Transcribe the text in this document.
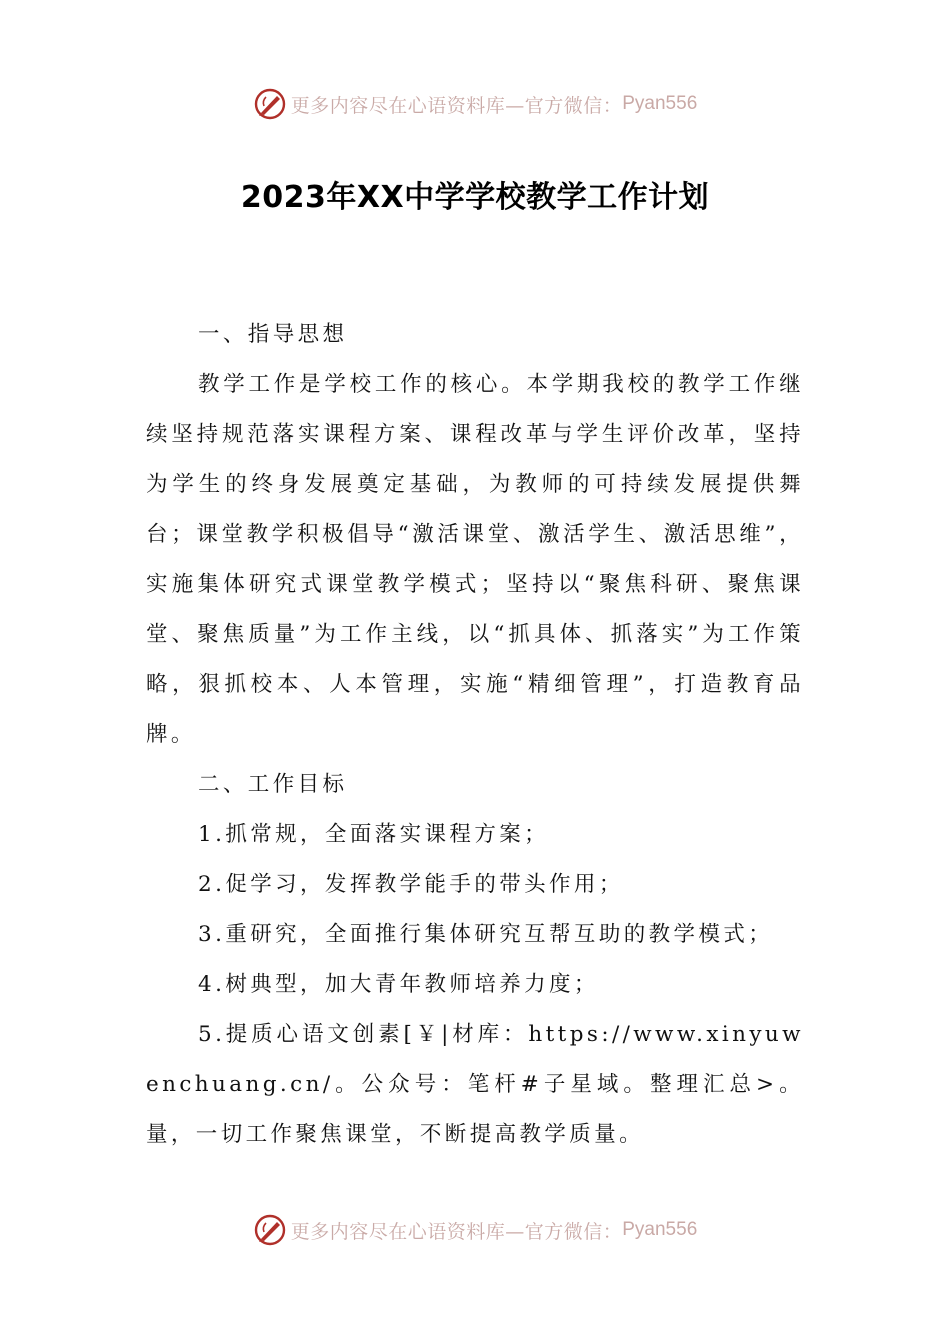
更多内容尽在心语资料库—官方微信： Pyan556
2023年XX中学学校教学工作计划

一、指导思想

教学工作是学校工作的核心。本学期我校的教学工作继续坚持规范落实课程方案、课程改革与学生评价改革，坚持为学生的终身发展奠定基础，为教师的可持续发展提供舞台；课堂教学积极倡导“激活课堂、激活学生、激活思维”，实施集体研究式课堂教学模式；坚持以“聚焦科研、聚焦课堂、聚焦质量”为工作主线，以“抓具体、抓落实”为工作策略，狠抓校本、人本管理，实施“精细管理”，打造教育品牌。

二、工作目标

1.抓常规，全面落实课程方案；

2.促学习，发挥教学能手的带头作用；

3.重研究，全面推行集体研究互帮互助的教学模式；

4.树典型，加大青年教师培养力度；

5.提质心语文创素[￥|材库：https://www.xinyuwenchuang.cn/。公众号：笔杆#子星域。整理汇总>。量，一切工作聚焦课堂，不断提高教学质量。

更多内容尽在心语资料库—官方微信： Pyan556
